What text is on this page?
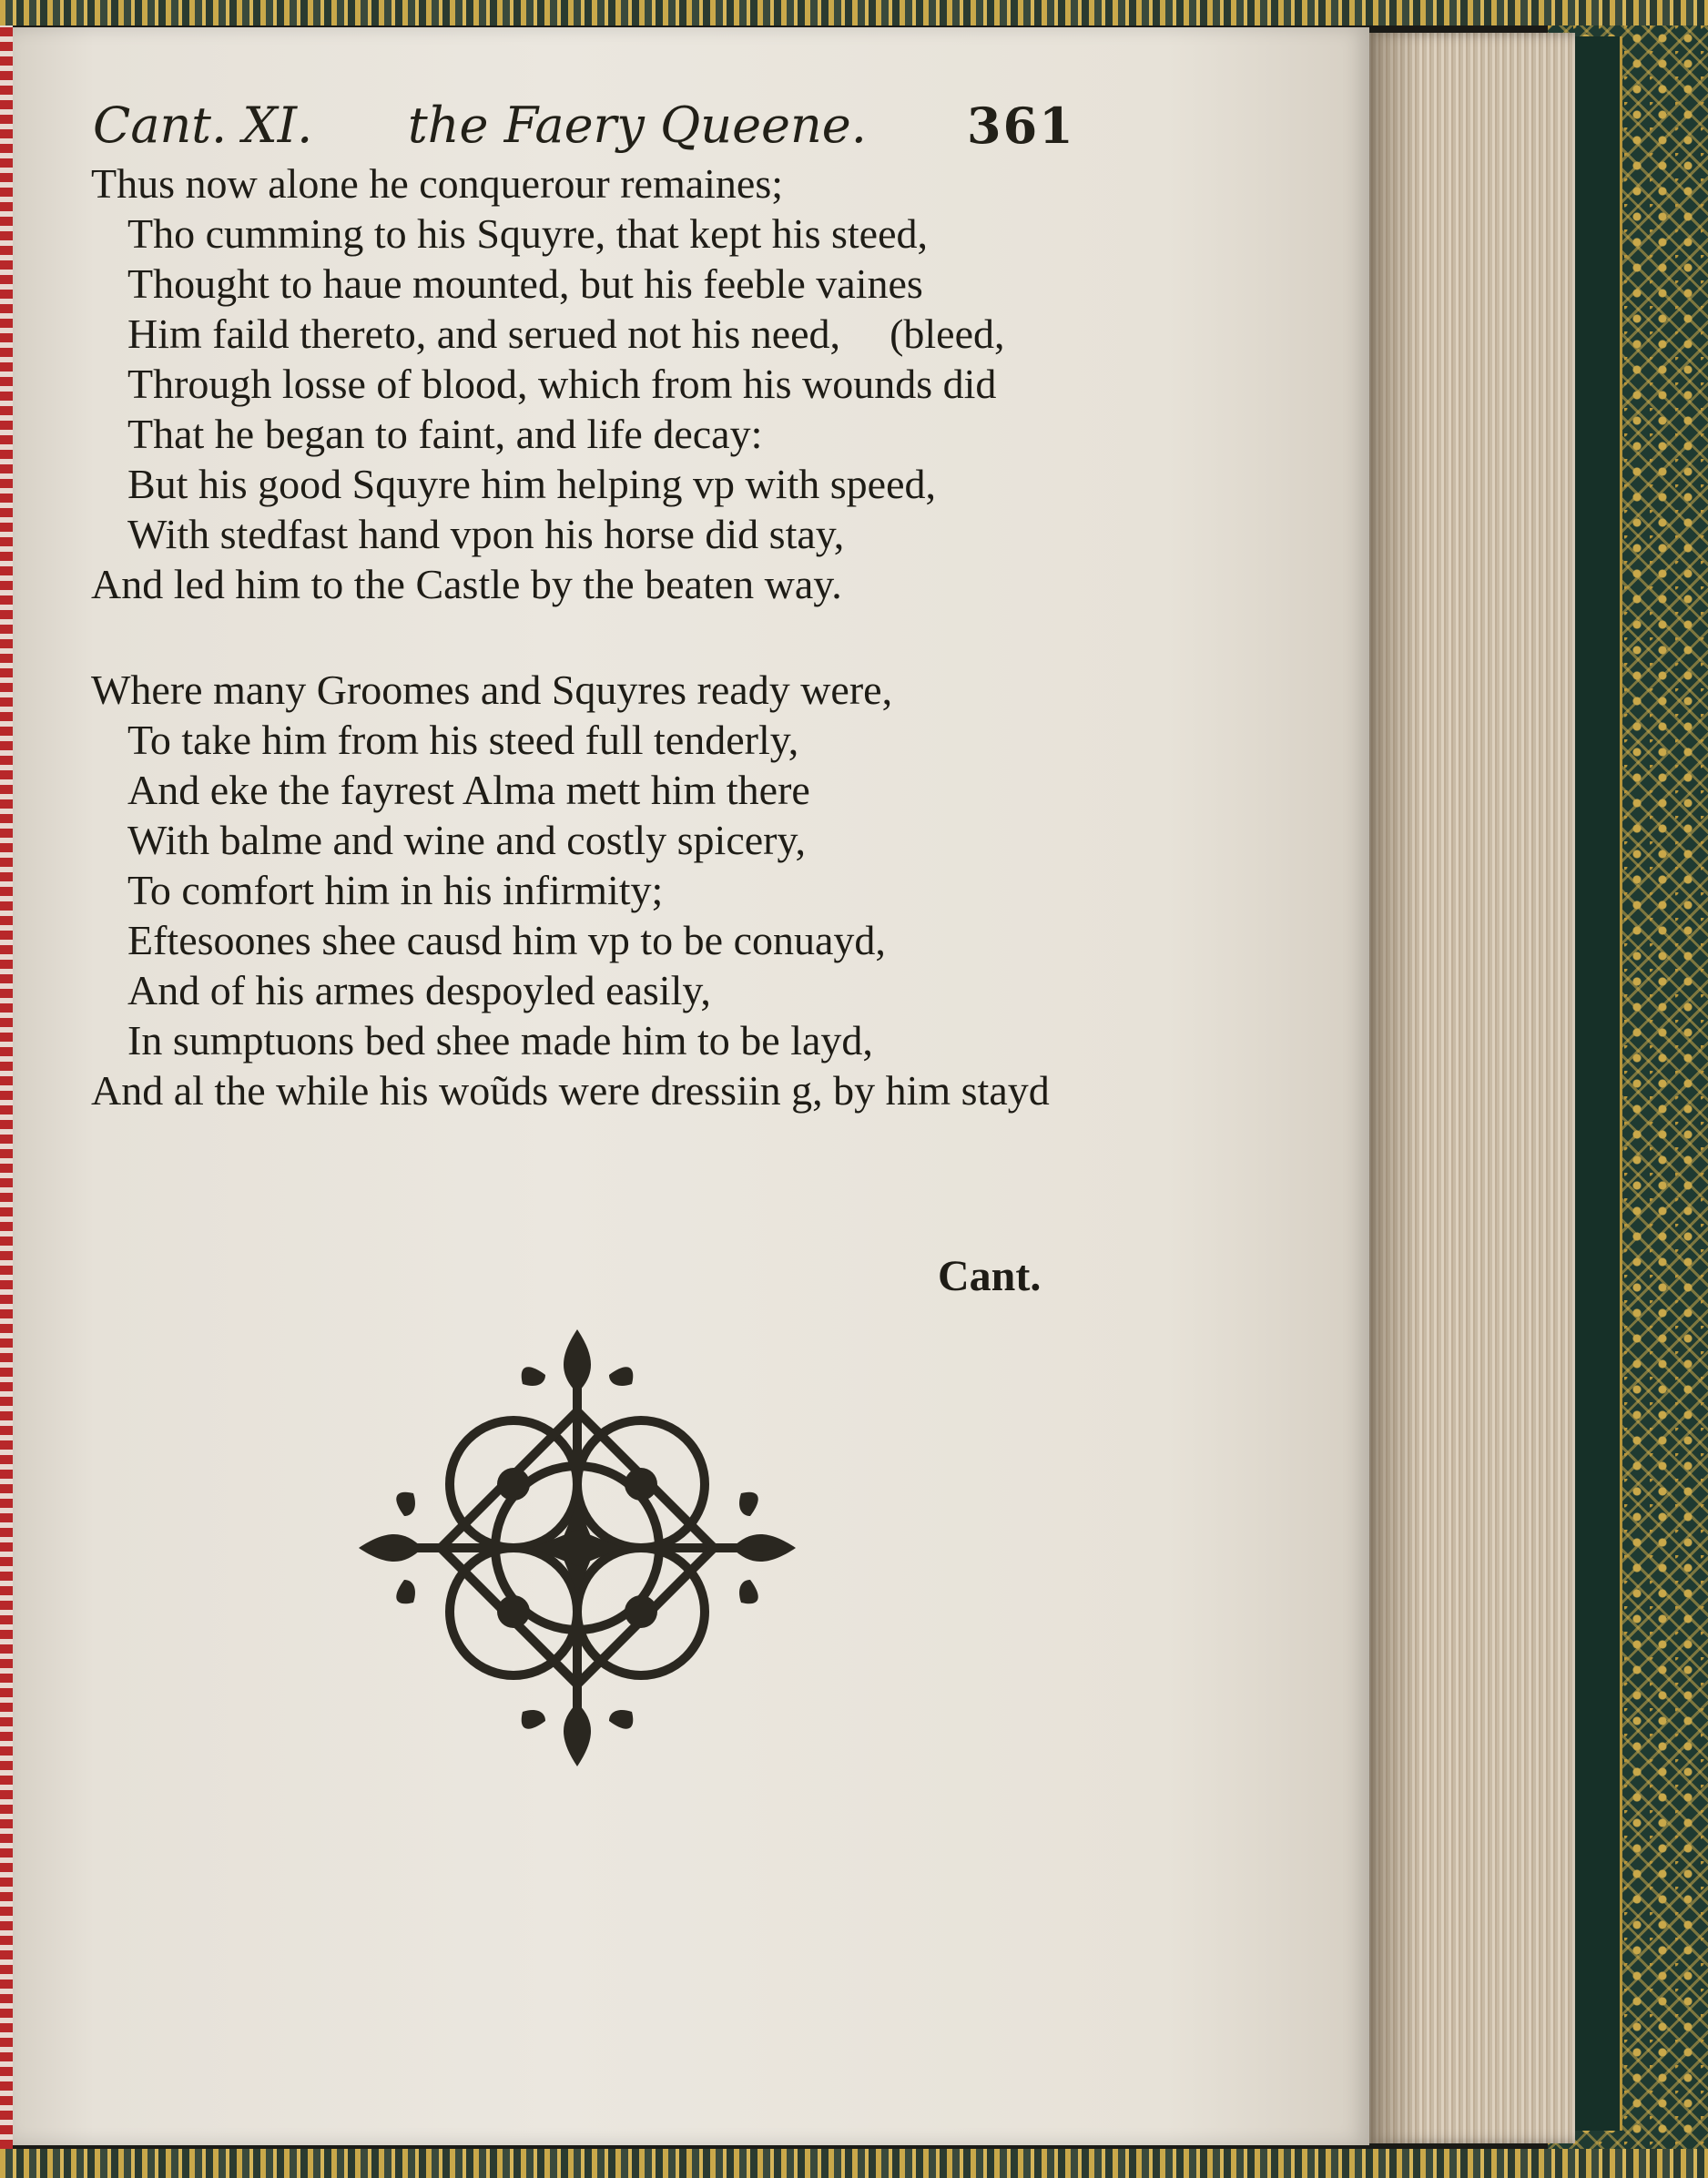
Cant. XI. the Faery Queene. 361
Thus now alone he conquerour remaines;
Tho cumming to his Squyre, that kept his steed,
Thought to haue mounted, but his feeble vaines
Him faild thereto, and serued not his need, (bleed,
Through losse of blood, which from his wounds did
That he began to faint, and life decay:
But his good Squyre him helping vp with speed,
With stedfast hand vpon his horse did stay,
And led him to the Castle by the beaten way.
Where many Groomes and Squyres ready were,
To take him from his steed full tenderly,
And eke the fayrest Alma mett him there
With balme and wine and costly spicery,
To comfort him in his infirmity;
Eftesoones shee causd him vp to be conuayd,
And of his armes despoyled easily,
In sumptuons bed shee made him to be layd,
And al the while his woũds were dressiin g, by him stayd
Cant.
